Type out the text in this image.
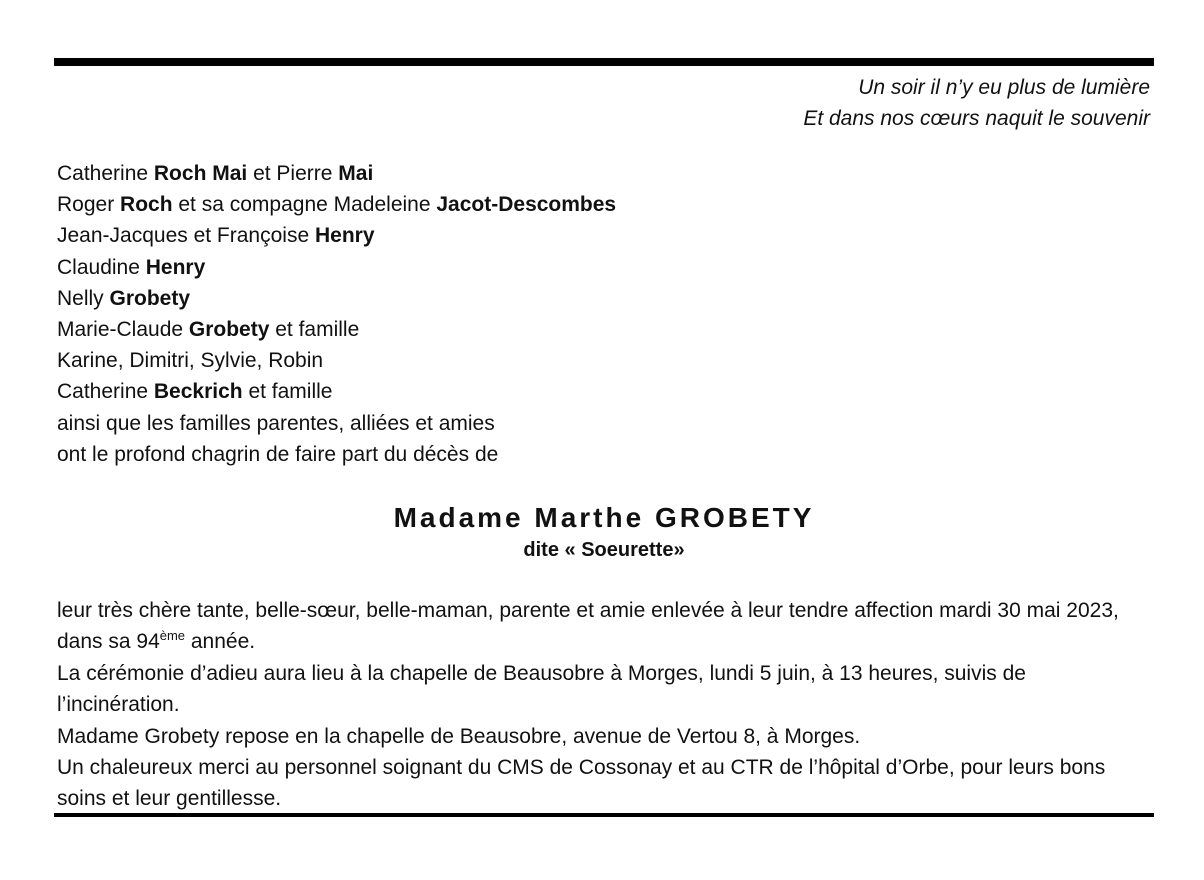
Un soir il n’y eu plus de lumière
Et dans nos cœurs naquit le souvenir
Catherine Roch Mai et Pierre Mai
Roger Roch et sa compagne Madeleine Jacot-Descombes
Jean-Jacques et Françoise Henry
Claudine Henry
Nelly Grobety
Marie-Claude Grobety et famille
Karine, Dimitri, Sylvie, Robin
Catherine Beckrich et famille
ainsi que les familles parentes, alliées et amies
ont le profond chagrin de faire part du décès de
Madame Marthe GROBETY
dite « Soeurette»

leur très chère tante, belle-sœur, belle-maman, parente et amie enlevée à leur tendre affection mardi 30 mai 2023, dans sa 94ème année.

La cérémonie d’adieu aura lieu à la chapelle de Beausobre à Morges, lundi 5 juin, à 13 heures, suivis de l’incinération.

Madame Grobety repose en la chapelle de Beausobre, avenue de Vertou 8, à Morges.

Un chaleureux merci au personnel soignant du CMS de Cossonay et au CTR de l’hôpital d’Orbe, pour leurs bons soins et leur gentillesse.
